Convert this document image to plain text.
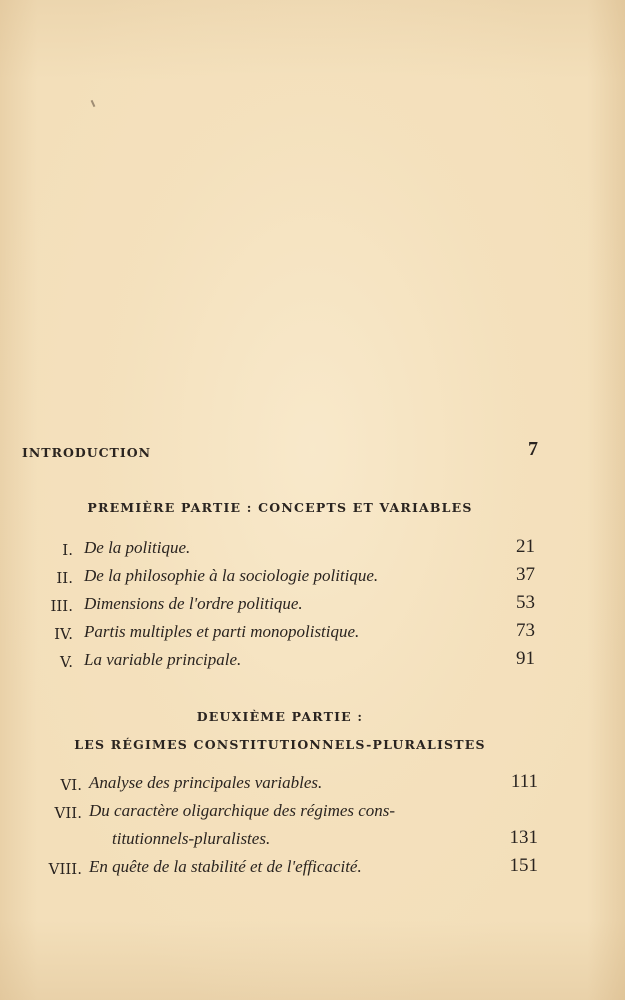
INTRODUCTION	7
PREMIÈRE PARTIE : CONCEPTS ET VARIABLES
I. De la politique.	21
II. De la philosophie à la sociologie politique.	37
III. Dimensions de l'ordre politique.	53
IV. Partis multiples et parti monopolistique.	73
V. La variable principale.	91
DEUXIÈME PARTIE :
LES RÉGIMES CONSTITUTIONNELS-PLURALISTES
VI. Analyse des principales variables.	111
VII. Du caractère oligarchique des régimes cons-
titutionnels-pluralistes.	131
VIII. En quête de la stabilité et de l'efficacité.	151
